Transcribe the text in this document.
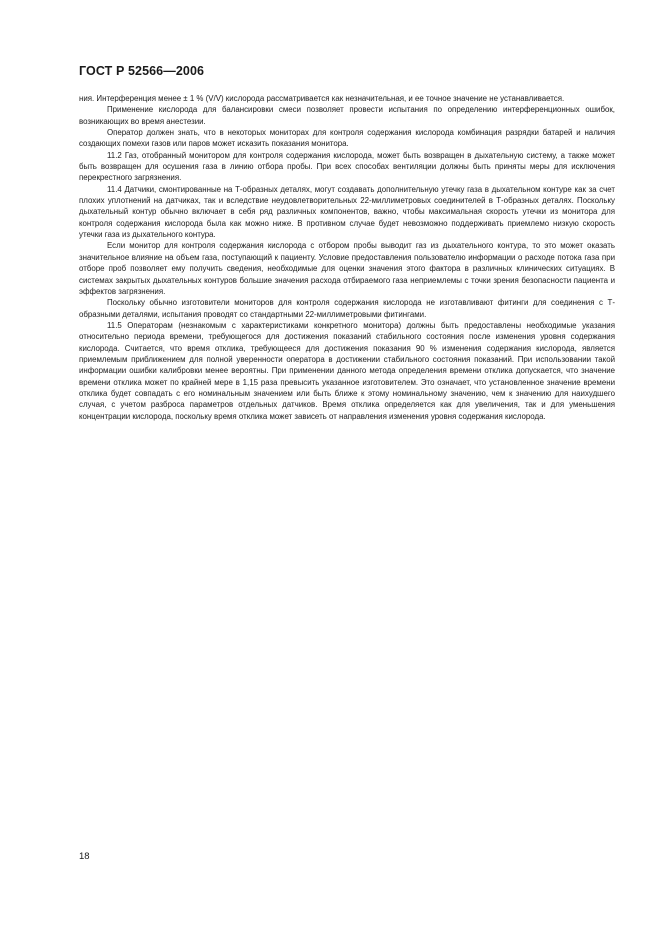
ГОСТ Р 52566—2006

ния. Интерференция менее ± 1 % (V/V) кислорода рассматривается как незначительная, и ее точное значение не устанавливается.

Применение кислорода для балансировки смеси позволяет провести испытания по определению интерференционных ошибок, возникающих во время анестезии.

Оператор должен знать, что в некоторых мониторах для контроля содержания кислорода комбинация разрядки батарей и наличия создающих помехи газов или паров может исказить показания монитора.

11.2 Газ, отобранный монитором для контроля содержания кислорода, может быть возвращен в дыхательную систему, а также может быть возвращен для осушения газа в линию отбора пробы. При всех способах вентиляции должны быть приняты меры для исключения перекрестного загрязнения.

11.4 Датчики, смонтированные на Т-образных деталях, могут создавать дополнительную утечку газа в дыхательном контуре как за счет плохих уплотнений на датчиках, так и вследствие неудовлетворительных 22-миллиметровых соединителей в Т-образных деталях. Поскольку дыхательный контур обычно включает в себя ряд различных компонентов, важно, чтобы максимальная скорость утечки из монитора для контроля содержания кислорода была как можно ниже. В противном случае будет невозможно поддерживать приемлемо низкую скорость утечки газа из дыхательного контура.

Если монитор для контроля содержания кислорода с отбором пробы выводит газ из дыхательного контура, то это может оказать значительное влияние на объем газа, поступающий к пациенту. Условие предоставления пользователю информации о расходе потока газа при отборе проб позволяет ему получить сведения, необходимые для оценки значения этого фактора в различных клинических ситуациях. В системах закрытых дыхательных контуров большие значения расхода отбираемого газа неприемлемы с точки зрения безопасности пациента и эффектов загрязнения.

Поскольку обычно изготовители мониторов для контроля содержания кислорода не изготавливают фитинги для соединения с Т-образными деталями, испытания проводят со стандартными 22-миллиметровыми фитингами.

11.5 Операторам (незнакомым с характеристиками конкретного монитора) должны быть предоставлены необходимые указания относительно периода времени, требующегося для достижения показаний стабильного состояния после изменения уровня содержания кислорода. Считается, что время отклика, требующееся для достижения показания 90 % изменения содержания кислорода, является приемлемым приближением для полной уверенности оператора в достижении стабильного состояния показаний. При использовании такой информации ошибки калибровки менее вероятны. При применении данного метода определения времени отклика допускается, что значение времени отклика может по крайней мере в 1,15 раза превысить указанное изготовителем. Это означает, что установленное значение времени отклика будет совпадать с его номинальным значением или быть ближе к этому номинальному значению, чем к значению для наихудшего случая, с учетом разброса параметров отдельных датчиков. Время отклика определяется как для увеличения, так и для уменьшения концентрации кислорода, поскольку время отклика может зависеть от направления изменения уровня содержания кислорода.

18
